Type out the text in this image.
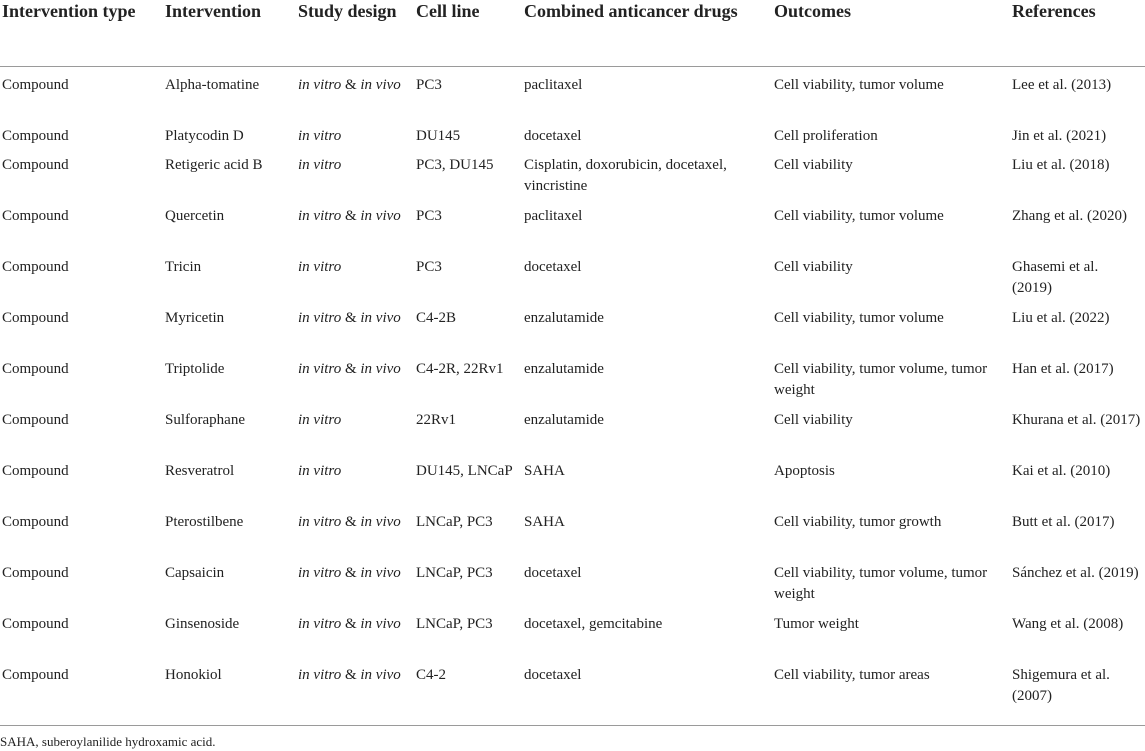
Intervention type	Intervention	Study design	Cell line	Combined anticancer drugs	Outcomes	References
Compound	Alpha-tomatine	in vitro & in vivo	PC3	paclitaxel	Cell viability, tumor volume	Lee et al. (2013)
Compound	Platycodin D	in vitro	DU145	docetaxel	Cell proliferation	Jin et al. (2021)
Compound	Retigeric acid B	in vitro	PC3, DU145	Cisplatin, doxorubicin, docetaxel, vincristine	Cell viability	Liu et al. (2018)
Compound	Quercetin	in vitro & in vivo	PC3	paclitaxel	Cell viability, tumor volume	Zhang et al. (2020)
Compound	Tricin	in vitro	PC3	docetaxel	Cell viability	Ghasemi et al. (2019)
Compound	Myricetin	in vitro & in vivo	C4-2B	enzalutamide	Cell viability, tumor volume	Liu et al. (2022)
Compound	Triptolide	in vitro & in vivo	C4-2R, 22Rv1	enzalutamide	Cell viability, tumor volume, tumor weight	Han et al. (2017)
Compound	Sulforaphane	in vitro	22Rv1	enzalutamide	Cell viability	Khurana et al. (2017)
Compound	Resveratrol	in vitro	DU145, LNCaP	SAHA	Apoptosis	Kai et al. (2010)
Compound	Pterostilbene	in vitro & in vivo	LNCaP, PC3	SAHA	Cell viability, tumor growth	Butt et al. (2017)
Compound	Capsaicin	in vitro & in vivo	LNCaP, PC3	docetaxel	Cell viability, tumor volume, tumor weight	Sánchez et al. (2019)
Compound	Ginsenoside	in vitro & in vivo	LNCaP, PC3	docetaxel, gemcitabine	Tumor weight	Wang et al. (2008)
Compound	Honokiol	in vitro & in vivo	C4-2	docetaxel	Cell viability, tumor areas	Shigemura et al. (2007)
SAHA, suberoylanilide hydroxamic acid.
